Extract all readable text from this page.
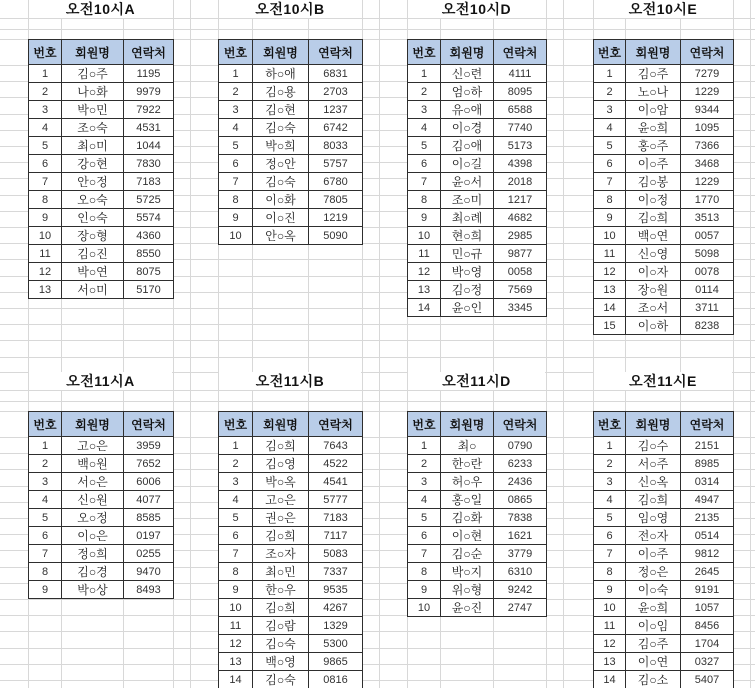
오전10시A
번호	회원명	연락처
1	김○주	1195
2	나○화	9979
3	박○민	7922
4	조○숙	4531
5	최○미	1044
6	강○현	7830
7	안○정	7183
8	오○숙	5725
9	인○숙	5574
10	장○형	4360
11	김○진	8550
12	박○연	8075
13	서○미	5170
오전10시B
번호	회원명	연락처
1	하○애	6831
2	김○용	2703
3	김○현	1237
4	김○숙	6742
5	박○희	8033
6	정○안	5757
7	김○숙	6780
8	이○화	7805
9	이○진	1219
10	안○옥	5090
오전10시D
번호	회원명	연락처
1	신○련	4111
2	엄○하	8095
3	유○애	6588
4	이○경	7740
5	김○애	5173
6	이○길	4398
7	윤○서	2018
8	조○미	1217
9	최○례	4682
10	현○희	2985
11	민○규	9877
12	박○영	0058
13	김○정	7569
14	윤○인	3345
오전10시E
번호	회원명	연락처
1	김○주	7279
2	노○나	1229
3	이○암	9344
4	윤○희	1095
5	홍○주	7366
6	이○주	3468
7	김○봉	1229
8	이○정	1770
9	김○희	3513
10	백○연	0057
11	신○영	5098
12	이○자	0078
13	장○원	0114
14	조○서	3711
15	이○하	8238
오전11시A
번호	회원명	연락처
1	고○은	3959
2	백○원	7652
3	서○은	6006
4	신○원	4077
5	오○정	8585
6	이○은	0197
7	정○희	0255
8	김○경	9470
9	박○상	8493
오전11시B
번호	회원명	연락처
1	김○희	7643
2	김○영	4522
3	박○옥	4541
4	고○은	5777
5	권○은	7183
6	김○희	7117
7	조○자	5083
8	최○민	7337
9	한○우	9535
10	김○희	4267
11	김○람	1329
12	김○숙	5300
13	백○영	9865
14	김○숙	0816
오전11시D
번호	회원명	연락처
1	최○	0790
2	한○란	6233
3	허○우	2436
4	홍○일	0865
5	김○화	7838
6	이○현	1621
7	김○순	3779
8	박○지	6310
9	위○형	9242
10	윤○진	2747
오전11시E
번호	회원명	연락처
1	김○수	2151
2	서○주	8985
3	신○옥	0314
4	김○희	4947
5	임○영	2135
6	전○자	0514
7	이○주	9812
8	정○은	2645
9	이○숙	9191
10	윤○희	1057
11	이○임	8456
12	김○주	1704
13	이○연	0327
14	김○소	5407
